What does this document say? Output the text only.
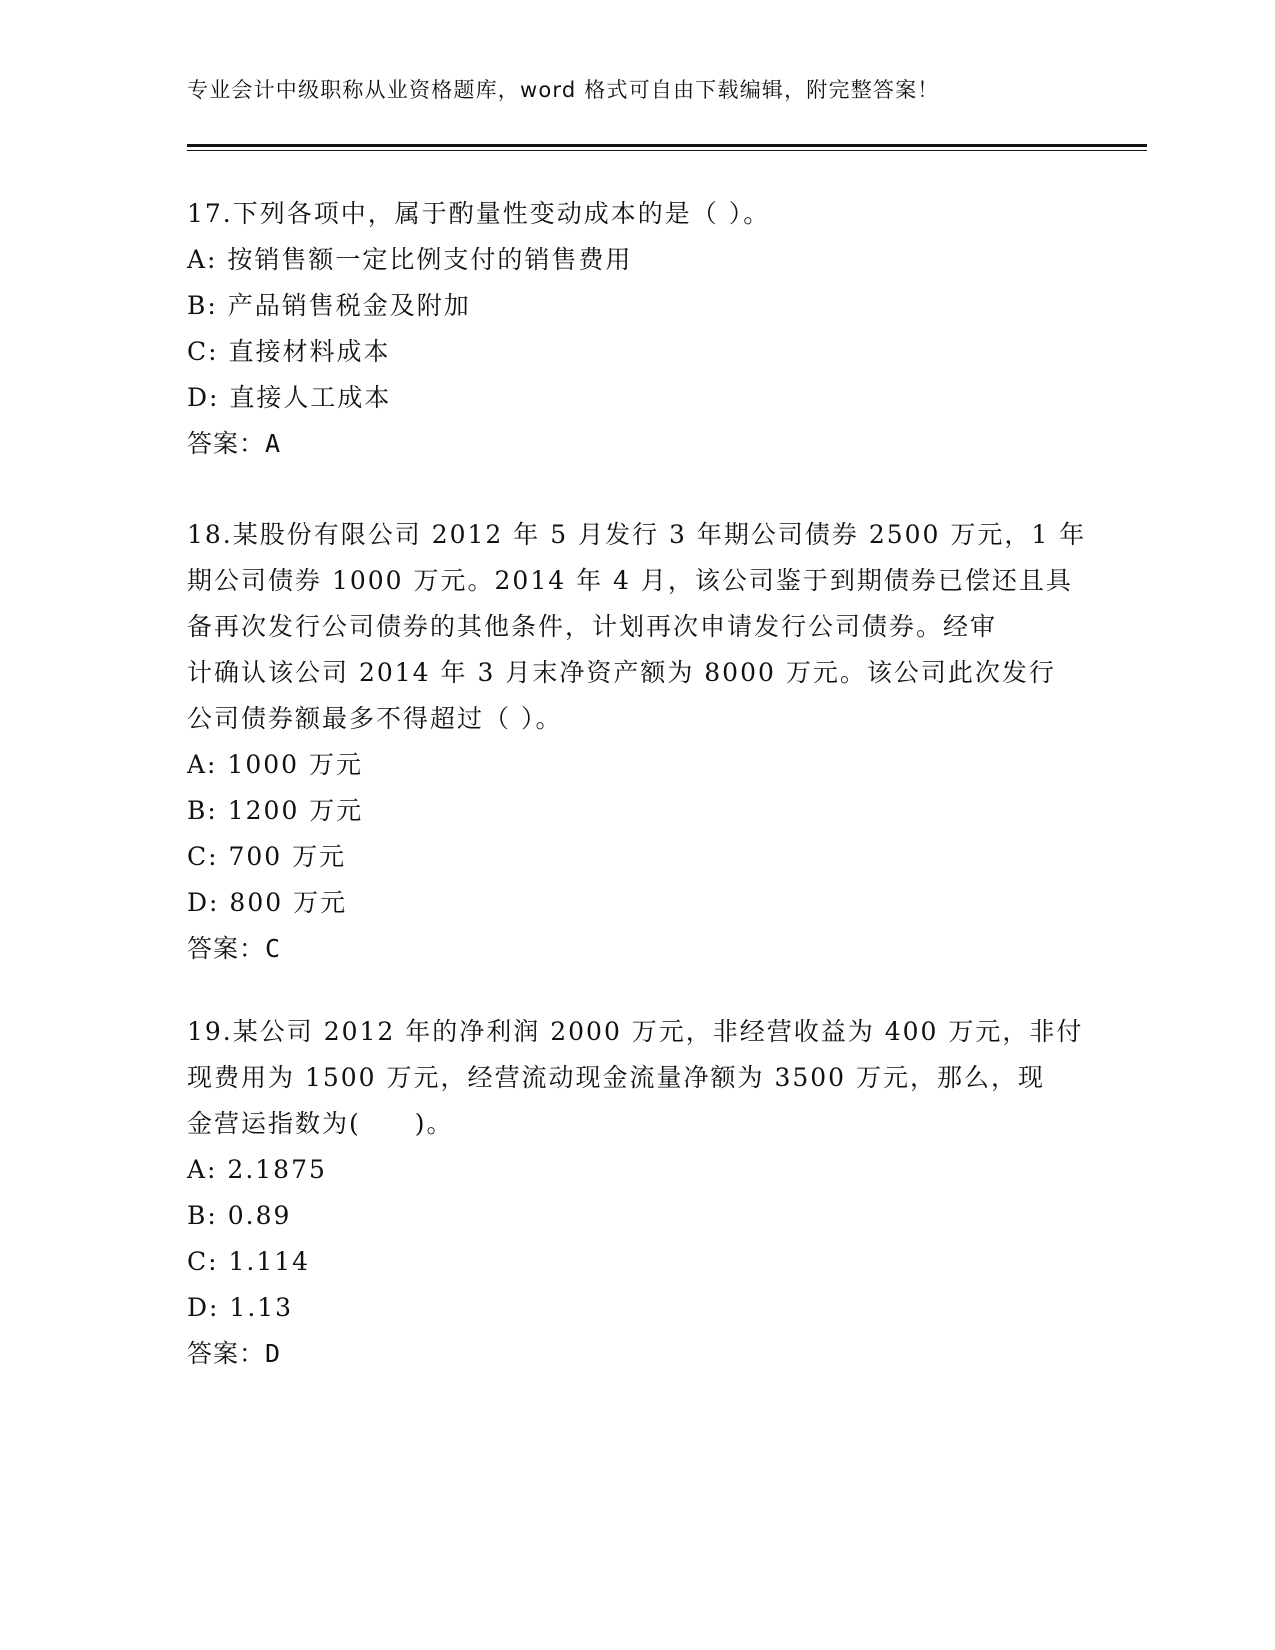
专业会计中级职称从业资格题库，word 格式可自由下载编辑，附完整答案！
17.下列各项中，属于酌量性变动成本的是（ ）。
A: 按销售额一定比例支付的销售费用
B: 产品销售税金及附加
C: 直接材料成本
D: 直接人工成本
答案：A
18.某股份有限公司 2012 年 5 月发行 3 年期公司债券 2500 万元，1 年
期公司债券 1000 万元。2014 年 4 月，该公司鉴于到期债券已偿还且具
备再次发行公司债券的其他条件，计划再次申请发行公司债券。经审
计确认该公司 2014 年 3 月末净资产额为 8000 万元。该公司此次发行
公司债券额最多不得超过（ ）。
A: 1000 万元
B: 1200 万元
C: 700 万元
D: 800 万元
答案：C
19.某公司 2012 年的净利润 2000 万元，非经营收益为 400 万元，非付
现费用为 1500 万元，经营流动现金流量净额为 3500 万元，那么，现
金营运指数为(　　)。
A: 2.1875
B: 0.89
C: 1.114
D: 1.13
答案：D
